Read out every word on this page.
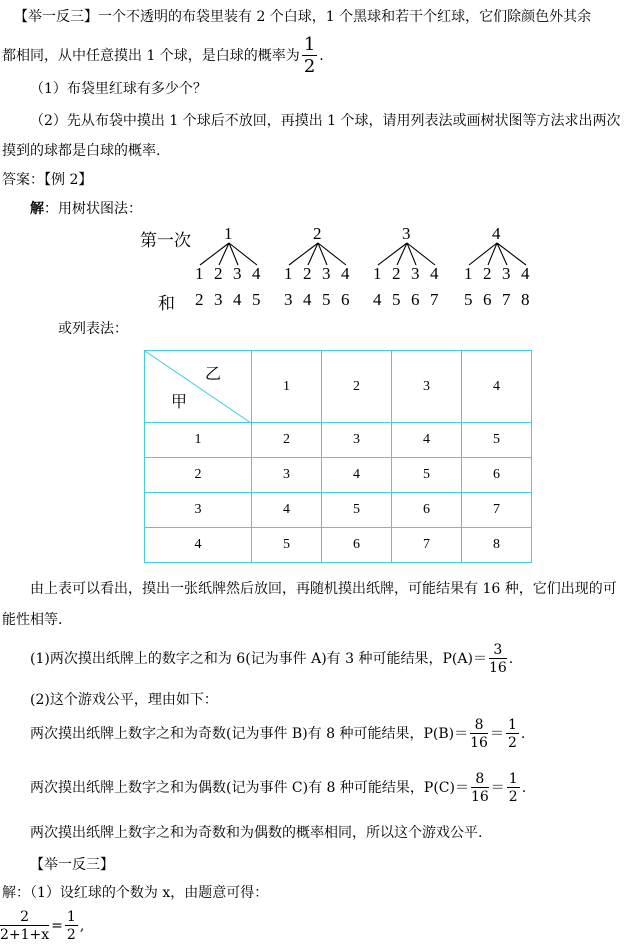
【举一反三】一个不透明的布袋里装有 2 个白球，1 个黑球和若干个红球，它们除颜色外其余
都相同，从中任意摸出 1 个球，是白球的概率为 $\frac{1}{2}$ .
（1）布袋里红球有多少个？
（2）先从布袋中摸出 1 个球后不放回，再摸出 1 个球，请用列表法或画树状图等方法求出两次
摸到的球都是白球的概率.
答案：【例 2】
解：用树状图法：
第一次
和
1
1
2
2
3
3
4
4
5
2
1
3
2
4
3
5
4
6
3
1
4
2
5
3
6
4
7
4
1
5
2
6
3
7
4
8
或列表法：
乙
甲	1	2	3	4
1	2	3	4	5
2	3	4	5	6
3	4	5	6	7
4	5	6	7	8
由上表可以看出，摸出一张纸牌然后放回，再随机摸出纸牌，可能结果有 16 种，它们出现的可
能性相等.
(1)两次摸出纸牌上的数字之和为 6(记为事件 A)有 3 种可能结果，$P(A)= \frac{3}{16}$ .
(2)这个游戏公平，理由如下：
两次摸出纸牌上数字之和为奇数(记为事件 B)有 8 种可能结果，$P(B)= \frac{8}{16} = \frac{1}{2}$ .
两次摸出纸牌上数字之和为偶数(记为事件 C)有 8 种可能结果，$P(C)= \frac{8}{16} = \frac{1}{2}$ .
两次摸出纸牌上数字之和为奇数和为偶数的概率相同，所以这个游戏公平.
【举一反三】
解：（1）设红球的个数为 x，由题意可得：
$\frac{2}{2+1+x} = \frac{1}{2}$ ,
